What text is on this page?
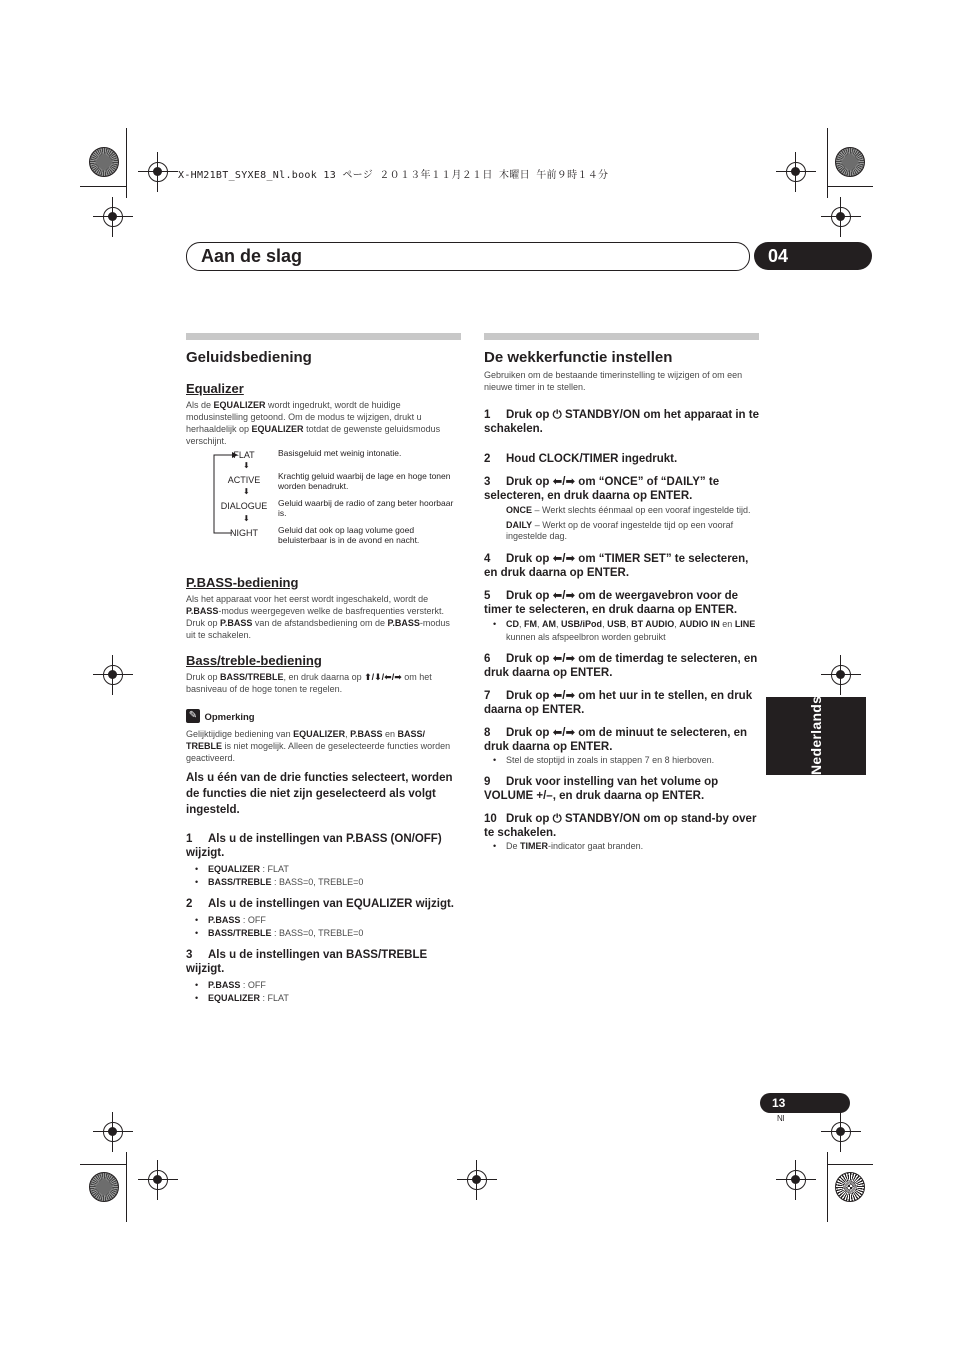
X-HM21BT_SYXE8_Nl.book 13 ページ ２０１３年１１月２１日 木曜日 午前９時１４分
Aan de slag	04
Geluidsbediening
Equalizer

Als de EQUALIZER wordt ingedrukt, wordt de huidige modusinstelling getoond. Om de modus te wijzigen, drukt u herhaaldelijk op EQUALIZER totdat de gewenste geluidsmodus verschijnt.

FLAT	Basisgeluid met weinig intonatie.
⬇
ACTIVE	Krachtig geluid waarbij de lage en hoge tonen worden benadrukt.
⬇
DIALOGUE	Geluid waarbij de radio of zang beter hoorbaar is.
⬇
NIGHT	Geluid dat ook op laag volume goed beluisterbaar is in de avond en nacht.
P.BASS-bediening

Als het apparaat voor het eerst wordt ingeschakeld, wordt de P.BASS-modus weergegeven welke de basfrequenties versterkt. Druk op P.BASS van de afstandsbediening om de P.BASS-modus uit te schakelen.

Bass/treble-bediening

Druk op BASS/TREBLE, en druk daarna op ⬆/⬇/⬅/➡ om het basniveau of de hoge tonen te regelen.

✎ Opmerking

Gelijktijdige bediening van EQUALIZER, P.BASS en BASS/ TREBLE is niet mogelijk. Alleen de geselecteerde functies worden geactiveerd.

Als u één van de drie functies selecteert, worden de functies die niet zijn geselecteerd als volgt ingesteld.

1 Als u de instellingen van P.BASS (ON/OFF) wijzigt.

• EQUALIZER : FLAT
• BASS/TREBLE : BASS=0, TREBLE=0

2 Als u de instellingen van EQUALIZER wijzigt.

• P.BASS : OFF
• BASS/TREBLE : BASS=0, TREBLE=0

3 Als u de instellingen van BASS/TREBLE wijzigt.

• P.BASS : OFF
• EQUALIZER : FLAT
De wekkerfunctie instellen

Gebruiken om de bestaande timerinstelling te wijzigen of om een nieuwe timer in te stellen.

1 Druk op ⏻ STANDBY/ON om het apparaat in te schakelen.

2 Houd CLOCK/TIMER ingedrukt.

3 Druk op ⬅/➡ om “ONCE” of “DAILY” te selecteren, en druk daarna op ENTER.

ONCE – Werkt slechts éénmaal op een vooraf ingestelde tijd.

DAILY – Werkt op de vooraf ingestelde tijd op een vooraf ingestelde dag.

4 Druk op ⬅/➡ om “TIMER SET” te selecteren, en druk daarna op ENTER.

5 Druk op ⬅/➡ om de weergavebron voor de timer te selecteren, en druk daarna op ENTER.

• CD, FM, AM, USB/iPod, USB, BT AUDIO, AUDIO IN en LINE kunnen als afspeelbron worden gebruikt

6 Druk op ⬅/➡ om de timerdag te selecteren, en druk daarna op ENTER.

7 Druk op ⬅/➡ om het uur in te stellen, en druk daarna op ENTER.

8 Druk op ⬅/➡ om de minuut te selecteren, en druk daarna op ENTER.

• Stel de stoptijd in zoals in stappen 7 en 8 hierboven.

9 Druk voor instelling van het volume op VOLUME +/–, en druk daarna op ENTER.

10 Druk op ⏻ STANDBY/ON om op stand-by over te schakelen.

• De TIMER-indicator gaat branden.
Nederlands
13
Nl
